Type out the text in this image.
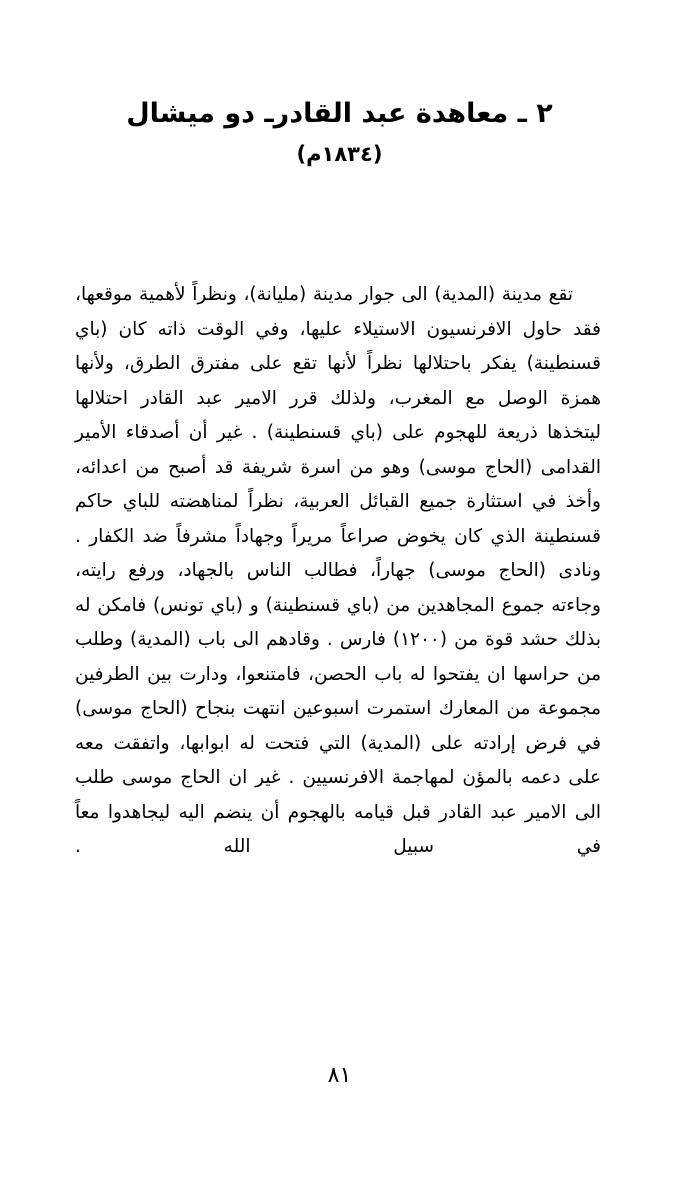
٢ ـ معاهدة عبد القادرـ دو ميشال
(١٨٣٤م)

تقع مدينة (المدية) الى جوار مدينة (مليانة)، ونظراً لأهمية موقعها، فقد حاول الافرنسيون الاستيلاء عليها، وفي الوقت ذاته كان (باي قسنطينة) يفكر باحتلالها نظراً لأنها تقع على مفترق الطرق، ولأنها همزة الوصل مع المغرب، ولذلك قرر الامير عبد القادر احتلالها ليتخذها ذريعة للهجوم على (باي قسنطينة) . غير أن أصدقاء الأمير القدامى (الحاج موسى) وهو من اسرة شريفة قد أصبح من اعدائه، وأخذ في استثارة جميع القبائل العربية، نظراً لمناهضته للباي حاكم قسنطينة الذي كان يخوض صراعاً مريراً وجهاداً مشرفاً ضد الكفار . ونادى (الحاج موسى) جهاراً، فطالب الناس بالجهاد، ورفع رايته، وجاءته جموع المجاهدين من (باي قسنطينة) و (باي تونس) فامكن له بذلك حشد قوة من (١٢٠٠) فارس . وقادهم الى باب (المدية) وطلب من حراسها ان يفتحوا له باب الحصن، فامتنعوا، ودارت بين الطرفين مجموعة من المعارك استمرت اسبوعين انتهت بنجاح (الحاج موسى) في فرض إرادته على (المدية) التي فتحت له ابوابها، واتفقت معه على دعمه بالمؤن لمهاجمة الافرنسيين . غير ان الحاج موسى طلب الى الامير عبد القادر قبل قيامه بالهجوم أن ينضم اليه ليجاهدوا معاً في سبيل الله .

٨١
